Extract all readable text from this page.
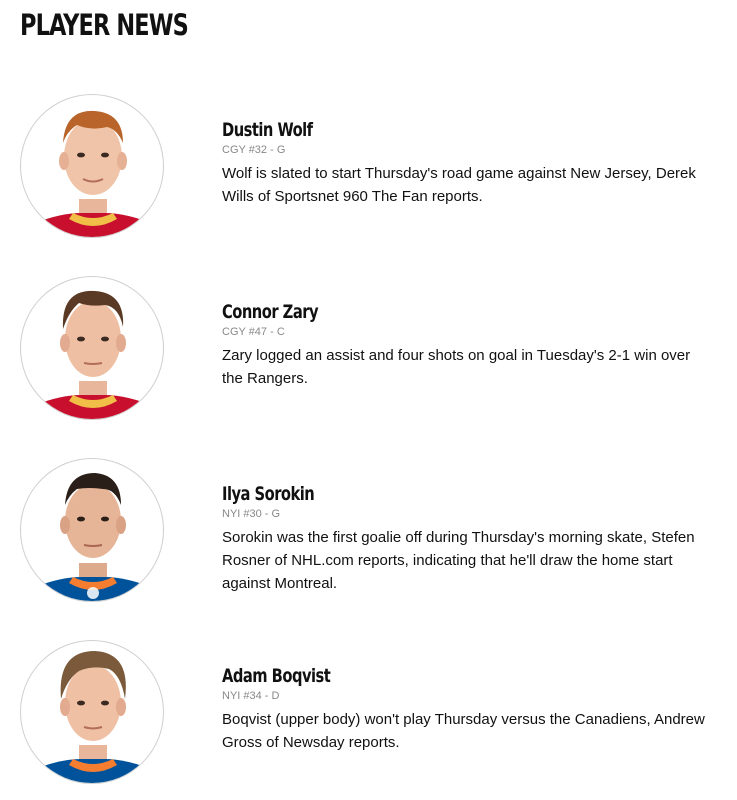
PLAYER NEWS
Dustin Wolf
CGY #32 - G
Wolf is slated to start Thursday's road game against New Jersey, Derek Wills of Sportsnet 960 The Fan reports.
Connor Zary
CGY #47 - C
Zary logged an assist and four shots on goal in Tuesday's 2-1 win over the Rangers.
Ilya Sorokin
NYI #30 - G
Sorokin was the first goalie off during Thursday's morning skate, Stefen Rosner of NHL.com reports, indicating that he'll draw the home start against Montreal.
Adam Boqvist
NYI #34 - D
Boqvist (upper body) won't play Thursday versus the Canadiens, Andrew Gross of Newsday reports.
